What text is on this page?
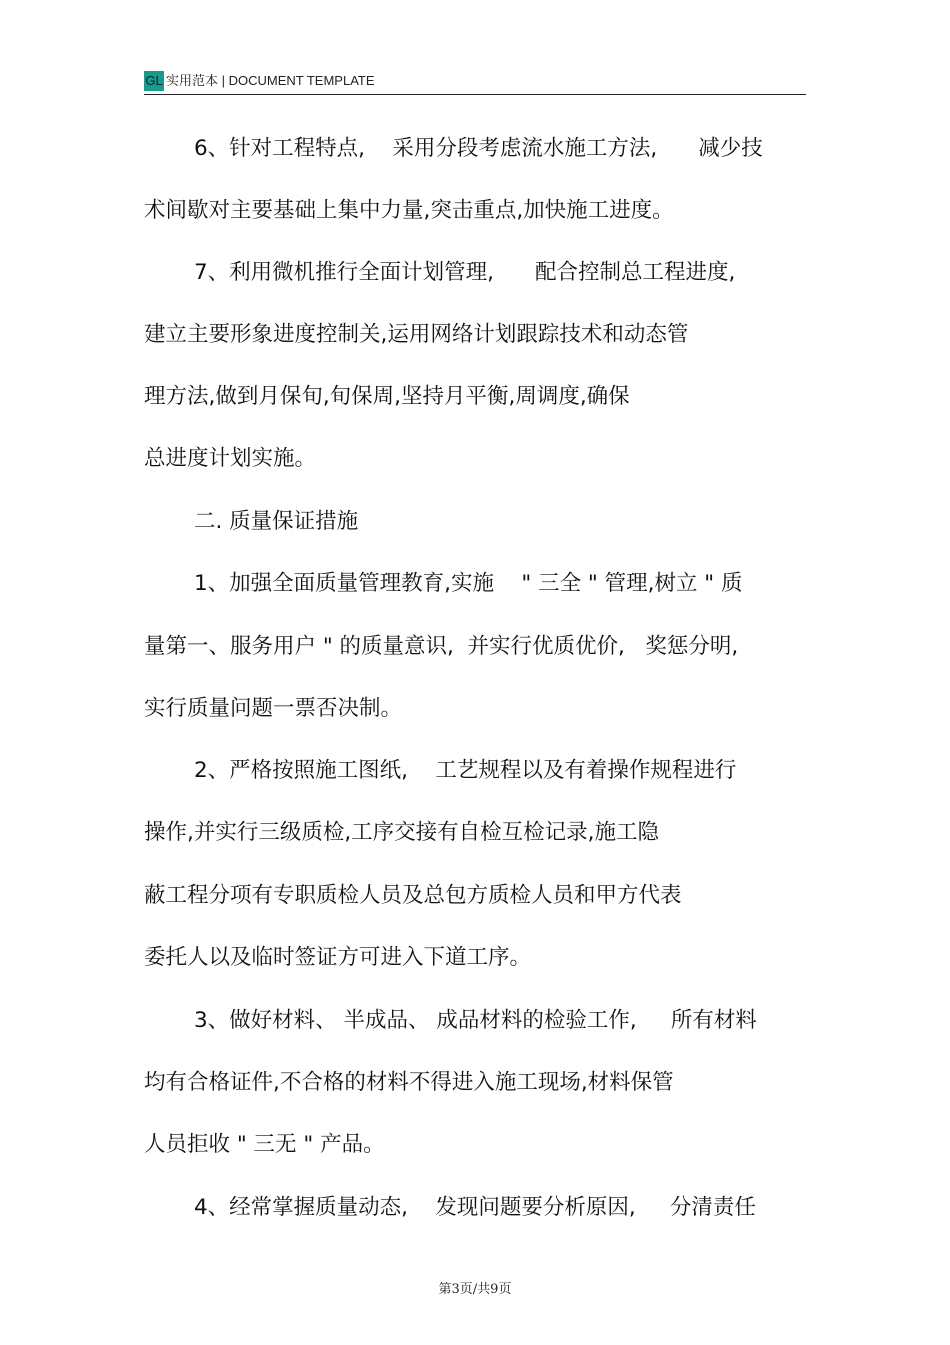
GL 实用范本 | DOCUMENT TEMPLATE
6、针对工程特点,    采用分段考虑流水施工方法,      减少技
术间歇对主要基础上集中力量,突击重点,加快施工进度。
7、利用微机推行全面计划管理,      配合控制总工程进度,
建立主要形象进度控制关,运用网络计划跟踪技术和动态管
理方法,做到月保旬,旬保周,坚持月平衡,周调度,确保
总进度计划实施。
二. 质量保证措施
1、加强全面质量管理教育,实施    " 三全 " 管理,树立 " 质
量第一、服务用户 " 的质量意识,  并实行优质优价,   奖惩分明,
实行质量问题一票否决制。
2、严格按照施工图纸,    工艺规程以及有着操作规程进行
操作,并实行三级质检,工序交接有自检互检记录,施工隐
蔽工程分项有专职质检人员及总包方质检人员和甲方代表
委托人以及临时签证方可进入下道工序。
3、做好材料、 半成品、 成品材料的检验工作,     所有材料
均有合格证件,不合格的材料不得进入施工现场,材料保管
人员拒收 " 三无 " 产品。
4、经常掌握质量动态,    发现问题要分析原因,     分清责任
第3页/共9页
